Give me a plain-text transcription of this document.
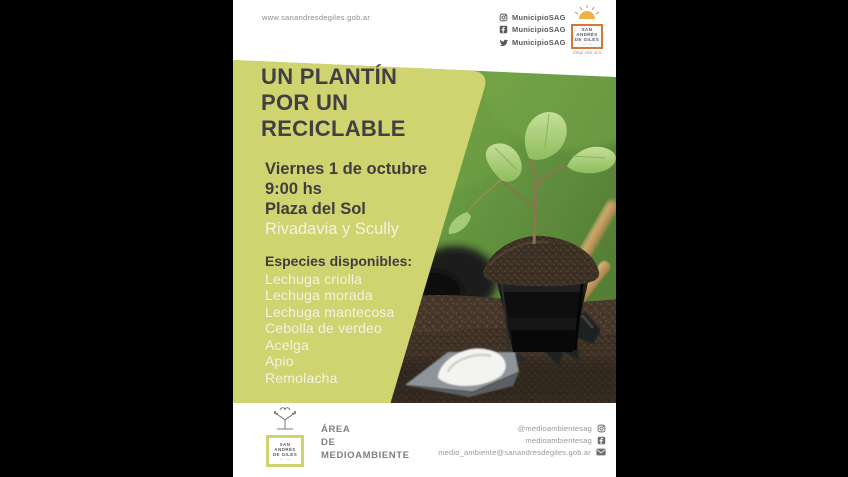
www.sanandresdegiles.gob.ar	MunicipioSAG
MunicipioSAG
MunicipioSAG
SAN
ANDRÉS
DE GILES
— · —
Elegí vivir acá
UN PLANTÍN
POR UN
RECICLABLE
Viernes 1 de octubre
9:00 hs
Plaza del Sol
Rivadavia y Scully
Especies disponibles:
Lechuga criolla
Lechuga morada
Lechuga mantecosa
Cebolla de verdeo
Acelga
Apio
Remolacha
SAN
ANDRÉS
DE GILES
— · —
ÁREA
DE
MEDIOAMBIENTE
@medioambientesag
medioambientesag
medio_ambiente@sanandresdegiles.gob.ar
